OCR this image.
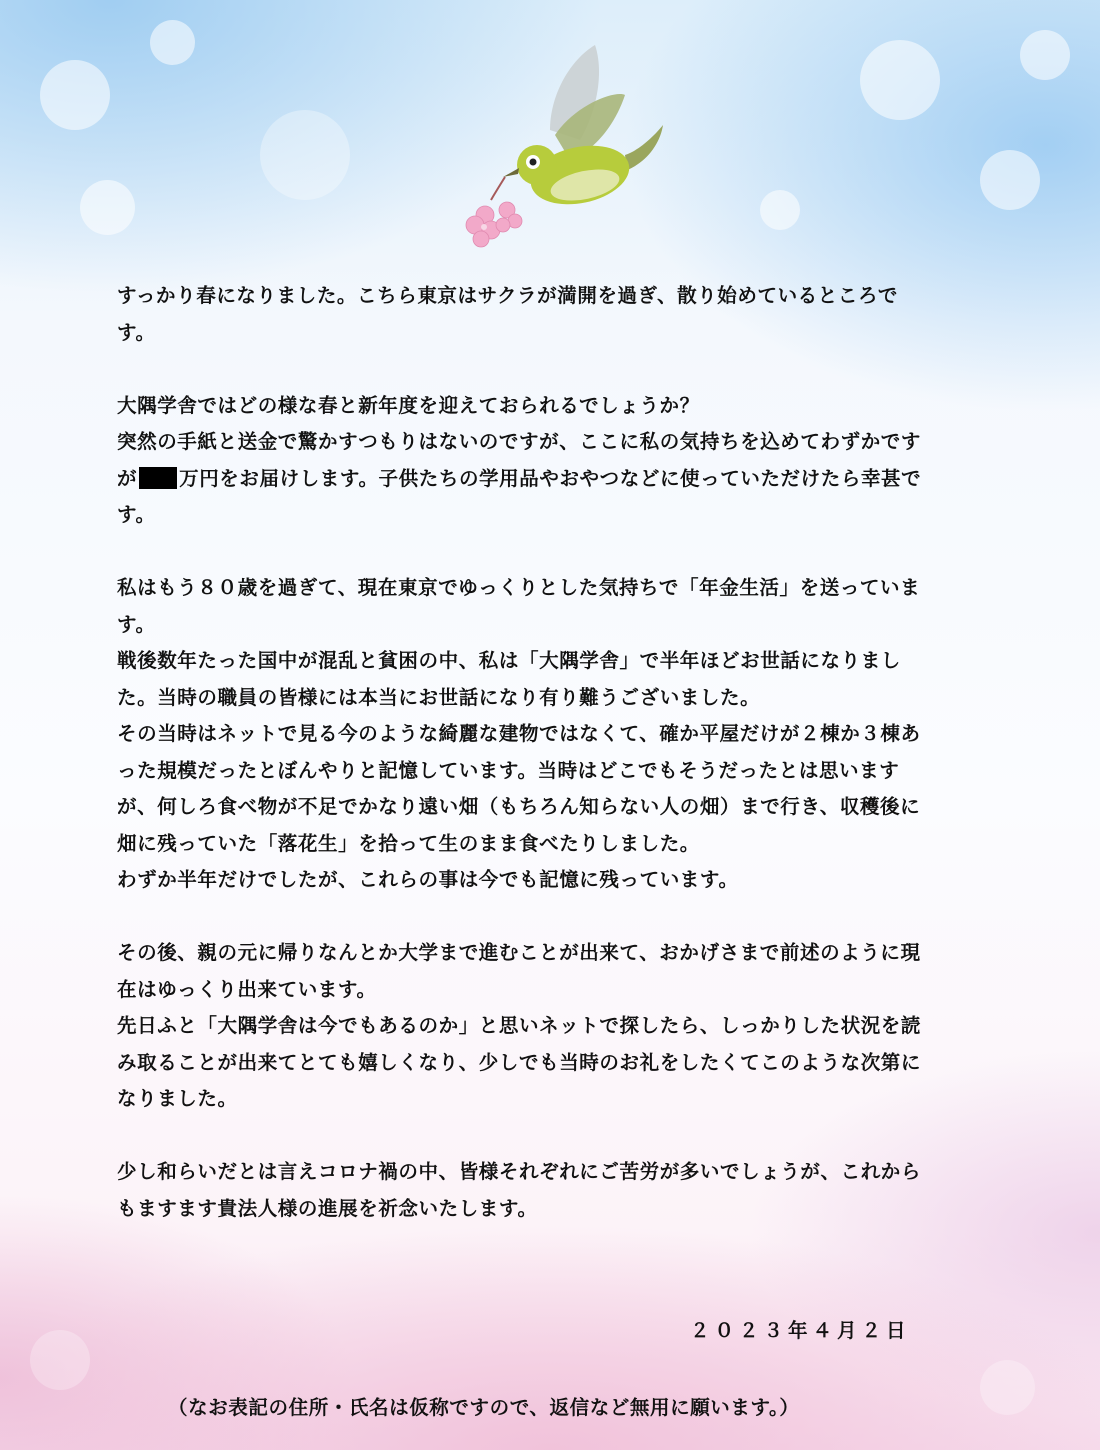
すっかり春になりました。こちら東京はサクラが満開を過ぎ、散り始めているところで

す。

大隅学舎ではどの様な春と新年度を迎えておられるでしょうか？

突然の手紙と送金で驚かすつもりはないのですが、ここに私の気持ちを込めてわずかです

が 万円をお届けします。子供たちの学用品やおやつなどに使っていただけたら幸甚で

す。

私はもう８０歳を過ぎて、現在東京でゆっくりとした気持ちで「年金生活」を送っていま

す。

戦後数年たった国中が混乱と貧困の中、私は「大隅学舎」で半年ほどお世話になりまし

た。当時の職員の皆様には本当にお世話になり有り難うございました。

その当時はネットで見る今のような綺麗な建物ではなくて、確か平屋だけが２棟か３棟あ

った規模だったとぼんやりと記憶しています。当時はどこでもそうだったとは思います

が、何しろ食べ物が不足でかなり遠い畑（もちろん知らない人の畑）まで行き、収穫後に

畑に残っていた「落花生」を拾って生のまま食べたりしました。

わずか半年だけでしたが、これらの事は今でも記憶に残っています。

その後、親の元に帰りなんとか大学まで進むことが出来て、おかげさまで前述のように現

在はゆっくり出来ています。

先日ふと「大隅学舎は今でもあるのか」と思いネットで探したら、しっかりした状況を読

み取ることが出来てとても嬉しくなり、少しでも当時のお礼をしたくてこのような次第に

なりました。

少し和らいだとは言えコロナ禍の中、皆様それぞれにご苦労が多いでしょうが、これから

もますます貴法人様の進展を祈念いたします。

２０２３年４月２日
（なお表記の住所・氏名は仮称ですので、返信など無用に願います。）
